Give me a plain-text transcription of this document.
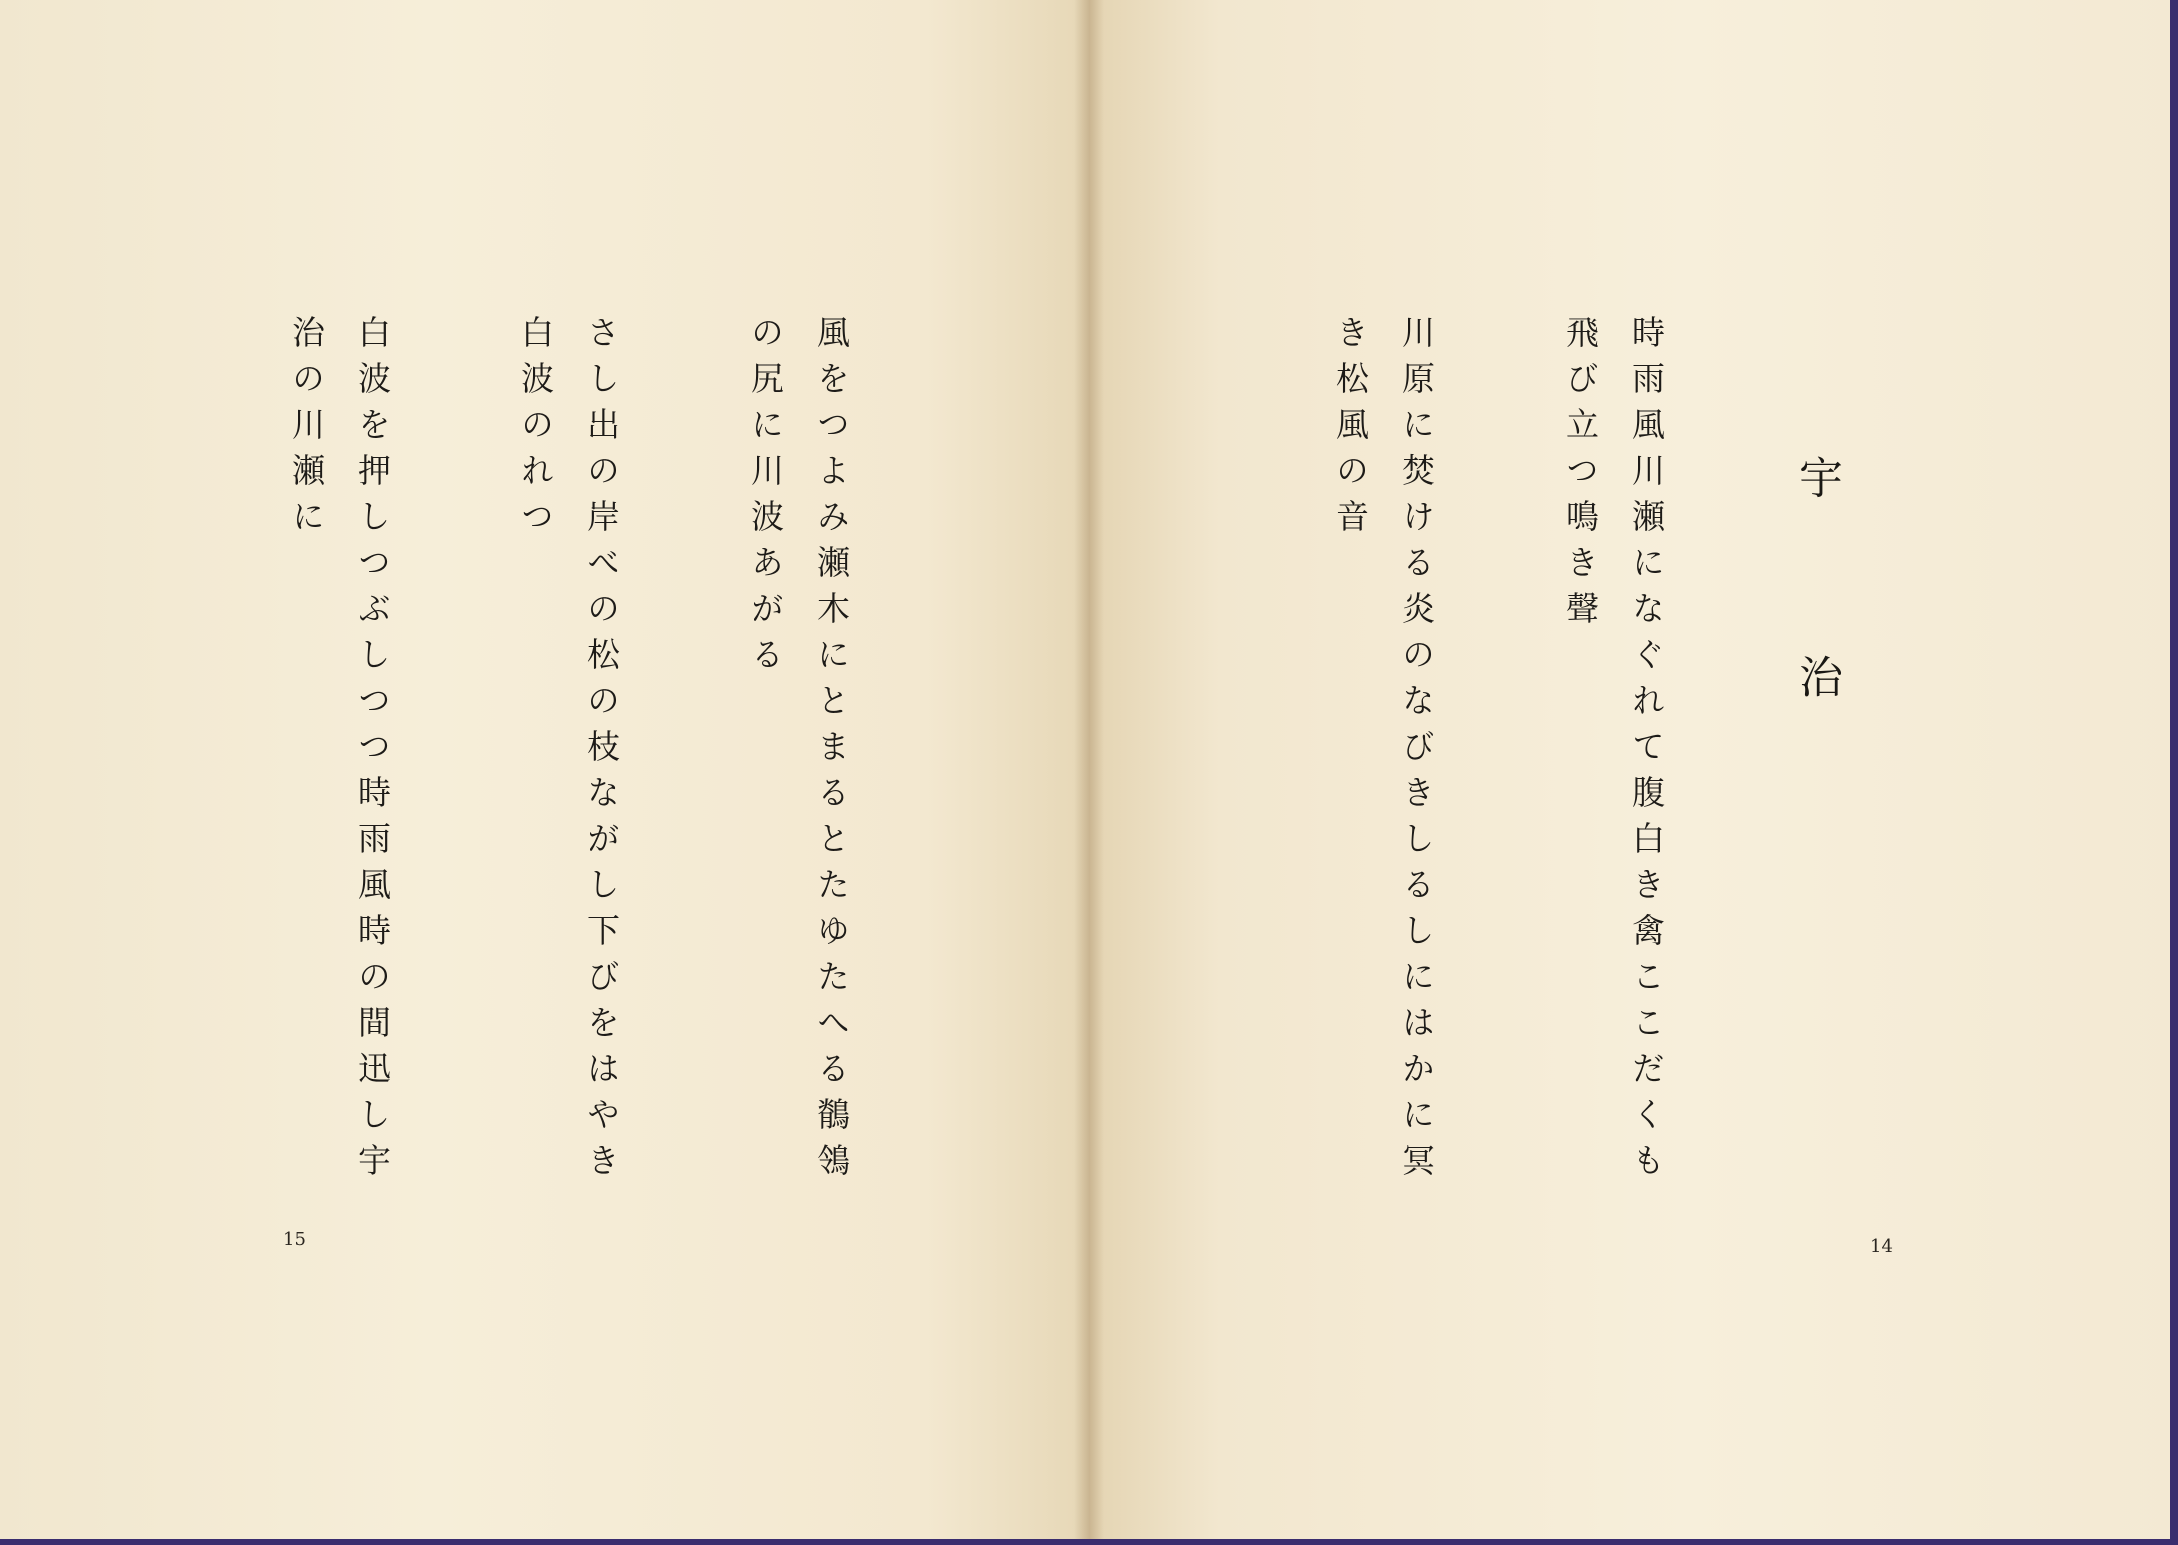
風をつよみ瀬木にとまるとたゆたへる鶺鴒
の尻に川波あがる
さし出の岸べの松の枝ながし下びをはやき
白波のれつ
白波を押しつぶしつつ時雨風時の間迅し宇
治の川瀬に
15
宇治
時雨風川瀬になぐれて腹白き禽ここだくも
飛び立つ鳴き聲
川原に焚ける炎のなびきしるしにはかに冥
き松風の音
14
